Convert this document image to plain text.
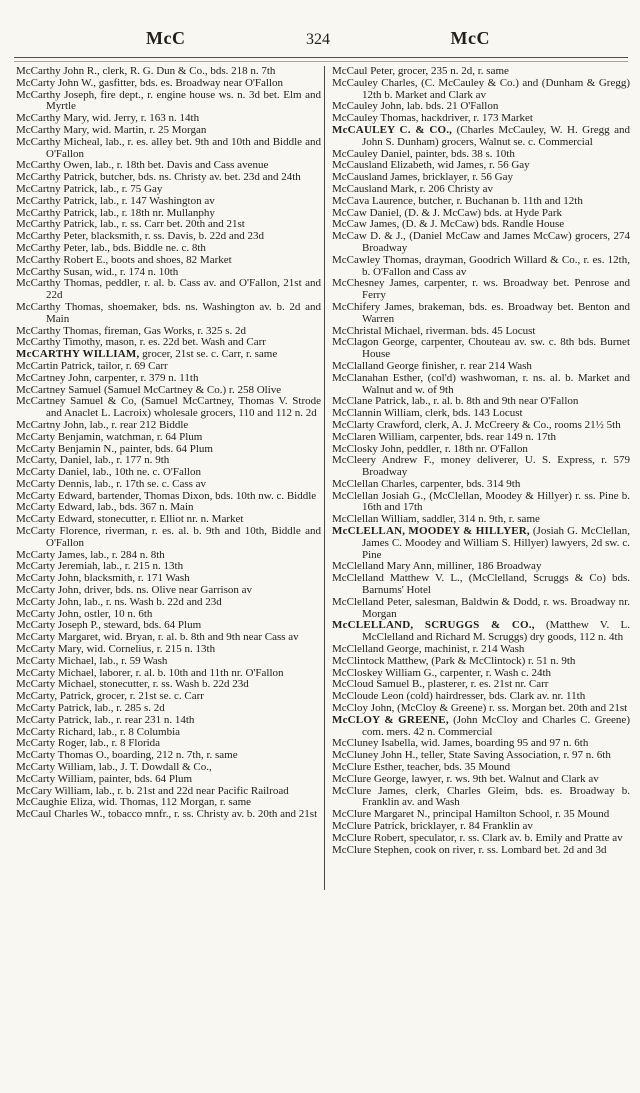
McC	324	McC

McCarthy John R., clerk, R. G. Dun & Co., bds. 218 n. 7th

McCarty John W., gasfitter, bds. es. Broadway near O'Fallon

McCarthy Joseph, fire dept., r. engine house ws. n. 3d bet. Elm and Myrtle

McCarthy Mary, wid. Jerry, r. 163 n. 14th

McCarthy Mary, wid. Martin, r. 25 Morgan

McCarthy Micheal, lab., r. es. alley bet. 9th and 10th and Biddle and O'Fallon

McCarthy Owen, lab., r. 18th bet. Davis and Cass avenue

McCarthy Patrick, butcher, bds. ns. Christy av. bet. 23d and 24th

McCartny Patrick, lab., r. 75 Gay

McCarthy Patrick, lab., r. 147 Washington av

McCarthy Patrick, lab., r. 18th nr. Mullanphy

McCarthy Patrick, lab., r. ss. Carr bet. 20th and 21st

McCarthy Peter, blacksmith, r. ss. Davis, b. 22d and 23d

McCarthy Peter, lab., bds. Biddle ne. c. 8th

McCarthy Robert E., boots and shoes, 82 Market

McCarthy Susan, wid., r. 174 n. 10th

McCarthy Thomas, peddler, r. al. b. Cass av. and O'Fallon, 21st and 22d

McCarthy Thomas, shoemaker, bds. ns. Washington av. b. 2d and Main

McCarthy Thomas, fireman, Gas Works, r. 325 s. 2d

McCarthy Timothy, mason, r. es. 22d bet. Wash and Carr

McCARTHY WILLIAM, grocer, 21st se. c. Carr, r. same

McCartin Patrick, tailor, r. 69 Carr

McCartney John, carpenter, r. 379 n. 11th

McCartney Samuel (Samuel McCartney & Co.) r. 258 Olive

McCartney Samuel & Co, (Samuel McCartney, Thomas V. Strode and Anaclet L. Lacroix) wholesale grocers, 110 and 112 n. 2d

McCartny John, lab., r. rear 212 Biddle

McCarty Benjamin, watchman, r. 64 Plum

McCarty Benjamin N., painter, bds. 64 Plum

McCarty, Daniel, lab., r. 177 n. 9th

McCarty Daniel, lab., 10th ne. c. O'Fallon

McCarty Dennis, lab., r. 17th se. c. Cass av

McCarty Edward, bartender, Thomas Dixon, bds. 10th nw. c. Biddle

McCarty Edward, lab., bds. 367 n. Main

McCarty Edward, stonecutter, r. Elliot nr. n. Market

McCarty Florence, riverman, r. es. al. b. 9th and 10th, Biddle and O'Fallon

McCarty James, lab., r. 284 n. 8th

McCarty Jeremiah, lab., r. 215 n. 13th

McCarty John, blacksmith, r. 171 Wash

McCarty John, driver, bds. ns. Olive near Garrison av

McCarty John, lab., r. ns. Wash b. 22d and 23d

McCarty John, ostler, 10 n. 6th

McCarty Joseph P., steward, bds. 64 Plum

McCarty Margaret, wid. Bryan, r. al. b. 8th and 9th near Cass av

McCarty Mary, wid. Cornelius, r. 215 n. 13th

McCarty Michael, lab., r. 59 Wash

McCarty Michael, laborer, r. al. b. 10th and 11th nr. O'Fallon

McCarty Michael, stonecutter, r. ss. Wash b. 22d 23d

McCarty, Patrick, grocer, r. 21st se. c. Carr

McCarty Patrick, lab., r. 285 s. 2d

McCarty Patrick, lab., r. rear 231 n. 14th

McCarty Richard, lab., r. 8 Columbia

McCarty Roger, lab., r. 8 Florida

McCarty Thomas O., boarding, 212 n. 7th, r. same

McCarty William, lab., J. T. Dowdall & Co.,

McCarty William, painter, bds. 64 Plum

McCary William, lab., r. b. 21st and 22d near Pacific Railroad

McCaughie Eliza, wid. Thomas, 112 Morgan, r. same

McCaul Charles W., tobacco mnfr., r. ss. Christy av. b. 20th and 21st

McCaul Peter, grocer, 235 n. 2d, r. same

McCauley Charles, (C. McCauley & Co.) and (Dunham & Gregg) 12th b. Market and Clark av

McCauley John, lab. bds. 21 O'Fallon

McCauley Thomas, hackdriver, r. 173 Market

McCAULEY C. & CO., (Charles McCauley, W. H. Gregg and John S. Dunham) grocers, Walnut se. c. Commercial

McCauley Daniel, painter, bds. 38 s. 10th

McCausland Elizabeth, wid James, r. 56 Gay

McCausland James, bricklayer, r. 56 Gay

McCausland Mark, r. 206 Christy av

McCava Laurence, butcher, r. Buchanan b. 11th and 12th

McCaw Daniel, (D. & J. McCaw) bds. at Hyde Park

McCaw James, (D. & J. McCaw) bds. Randle House

McCaw D. & J., (Daniel McCaw and James McCaw) grocers, 274 Broadway

McCawley Thomas, drayman, Goodrich Willard & Co., r. es. 12th, b. O'Fallon and Cass av

McChesney James, carpenter, r. ws. Broadway bet. Penrose and Ferry

McChifery James, brakeman, bds. es. Broadway bet. Benton and Warren

McChristal Michael, riverman. bds. 45 Locust

McClagon George, carpenter, Chouteau av. sw. c. 8th bds. Burnet House

McClalland George finisher, r. rear 214 Wash

McClanahan Esther, (col'd) washwoman, r. ns. al. b. Market and Walnut and w. of 9th

McClane Patrick, lab., r. al. b. 8th and 9th near O'Fallon

McClannin William, clerk, bds. 143 Locust

McClarty Crawford, clerk, A. J. McCreery & Co., rooms 21½ 5th

McClaren William, carpenter, bds. rear 149 n. 17th

McClosky John, peddler, r. 18th nr. O'Fallon

McCleery Andrew F., money deliverer, U. S. Express, r. 579 Broadway

McClellan Charles, carpenter, bds. 314 9th

McClellan Josiah G., (McClellan, Moodey & Hillyer) r. ss. Pine b. 16th and 17th

McClellan William, saddler, 314 n. 9th, r. same

McCLELLAN, MOODEY & HILLYER, (Josiah G. McClellan, James C. Moodey and William S. Hillyer) lawyers, 2d sw. c. Pine

McClelland Mary Ann, milliner, 186 Broadway

McClelland Matthew V. L., (McClelland, Scruggs & Co) bds. Barnums' Hotel

McClelland Peter, salesman, Baldwin & Dodd, r. ws. Broadway nr. Morgan

McCLELLAND, SCRUGGS & CO., (Matthew V. L. McClelland and Richard M. Scruggs) dry goods, 112 n. 4th

McClelland George, machinist, r. 214 Wash

McClintock Matthew, (Park & McClintock) r. 51 n. 9th

McCloskey William G., carpenter, r. Wash c. 24th

McCloud Samuel B., plasterer, r. es. 21st nr. Carr

McCloude Leon (cold) hairdresser, bds. Clark av. nr. 11th

McCloy John, (McCloy & Greene) r. ss. Morgan bet. 20th and 21st

McCLOY & GREENE, (John McCloy and Charles C. Greene) com. mers. 42 n. Commercial

McCluney Isabella, wid. James, boarding 95 and 97 n. 6th

McCluney John H., teller, State Saving Association, r. 97 n. 6th

McClure Esther, teacher, bds. 35 Mound

McClure George, lawyer, r. ws. 9th bet. Walnut and Clark av

McClure James, clerk, Charles Gleim, bds. es. Broadway b. Franklin av. and Wash

McClure Margaret N., principal Hamilton School, r. 35 Mound

McClure Patrick, bricklayer, r. 84 Franklin av

McClure Robert, speculator, r. ss. Clark av. b. Emily and Pratte av

McClure Stephen, cook on river, r. ss. Lombard bet. 2d and 3d
